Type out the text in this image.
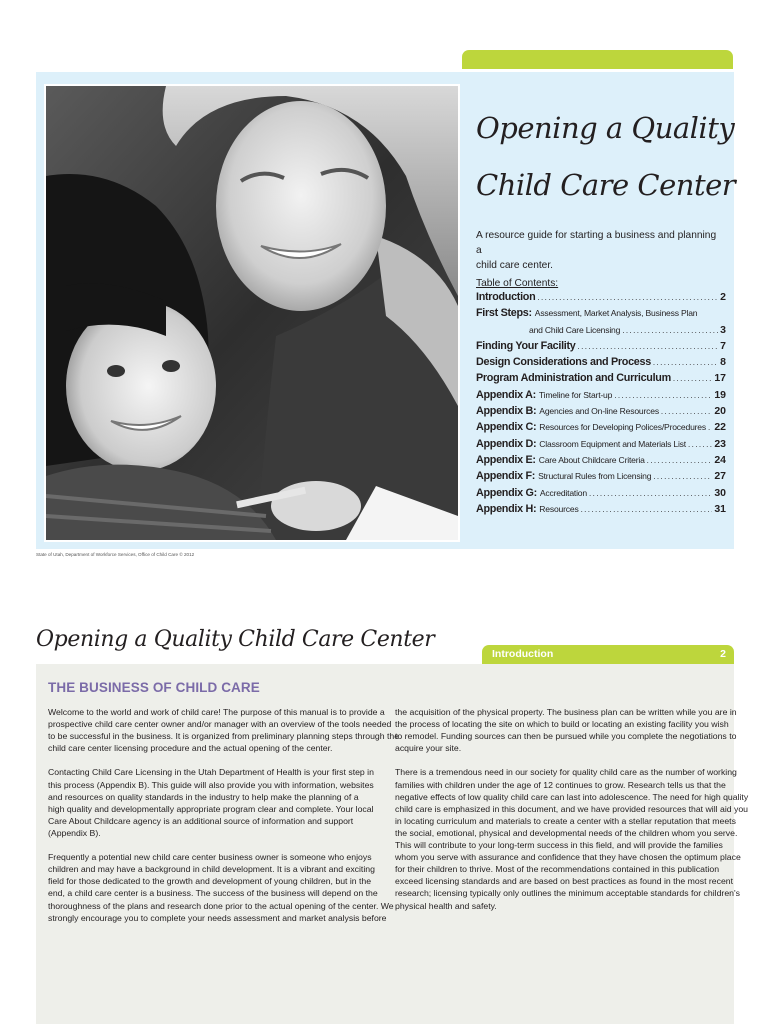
Opening a Quality
Child Care Center
A resource guide for starting a business and planning a
child care center.
Table of Contents:
Introduction .....	2
First Steps: Assessment, Market Analysis, Business Plan
and Child Care Licensing .....	3
Finding Your Facility .....	7
Design Considerations and Process .....	8
Program Administration and Curriculum .....	17
Appendix A: Timeline for Start-up .....	19
Appendix B: Agencies and On-line Resources .....	20
Appendix C: Resources for Developing Polices/Procedures ..... 22
Appendix D: Classroom Equipment and Materials List .....	23
Appendix E: Care About Childcare Criteria .....	24
Appendix F: Structural Rules from Licensing .....	27
Appendix G: Accreditation .....	30
Appendix H: Resources .....	31
State of Utah, Department of Workforce Services, Office of Child Care © 2012
Opening a Quality Child Care Center
Introduction	2
THE BUSINESS OF CHILD CARE

Welcome to the world and work of child care! The purpose of this manual is to provide a
prospective child care center owner and/or manager with an overview of the tools needed
to be successful in the business. It is organized from preliminary planning steps through the
child care center licensing procedure and the actual opening of the center.

Contacting Child Care Licensing in the Utah Department of Health is your first step in
this process (Appendix B). This guide will also provide you with information, websites
and resources on quality standards in the industry to help make the planning of a
high quality and developmentally appropriate program clear and complete. Your local
Care About Childcare agency is an additional source of information and support
(Appendix B).

Frequently a potential new child care center business owner is someone who enjoys
children and may have a background in child development. It is a vibrant and exciting
field for those dedicated to the growth and development of young children, but in the
end, a child care center is a business. The success of the business will depend on the
thoroughness of the plans and research done prior to the actual opening of the center. We
strongly encourage you to complete your needs assessment and market analysis before

the acquisition of the physical property. The business plan can be written while you are in
the process of locating the site on which to build or locating an existing facility you wish
to remodel. Funding sources can then be pursued while you complete the negotiations to
acquire your site.

There is a tremendous need in our society for quality child care as the number of working
families with children under the age of 12 continues to grow. Research tells us that the
negative effects of low quality child care can last into adolescence. The need for high quality
child care is emphasized in this document, and we have provided resources that will aid you
in locating curriculum and materials to create a center with a stellar reputation that meets
the social, emotional, physical and developmental needs of the children whom you serve.
This will contribute to your long-term success in this field, and will provide the families
whom you serve with assurance and confidence that they have chosen the optimum place
for their children to thrive. Most of the recommendations contained in this publication
exceed licensing standards and are based on best practices as found in the most recent
research; licensing typically only outlines the minimum acceptable standards for children's
physical health and safety.
